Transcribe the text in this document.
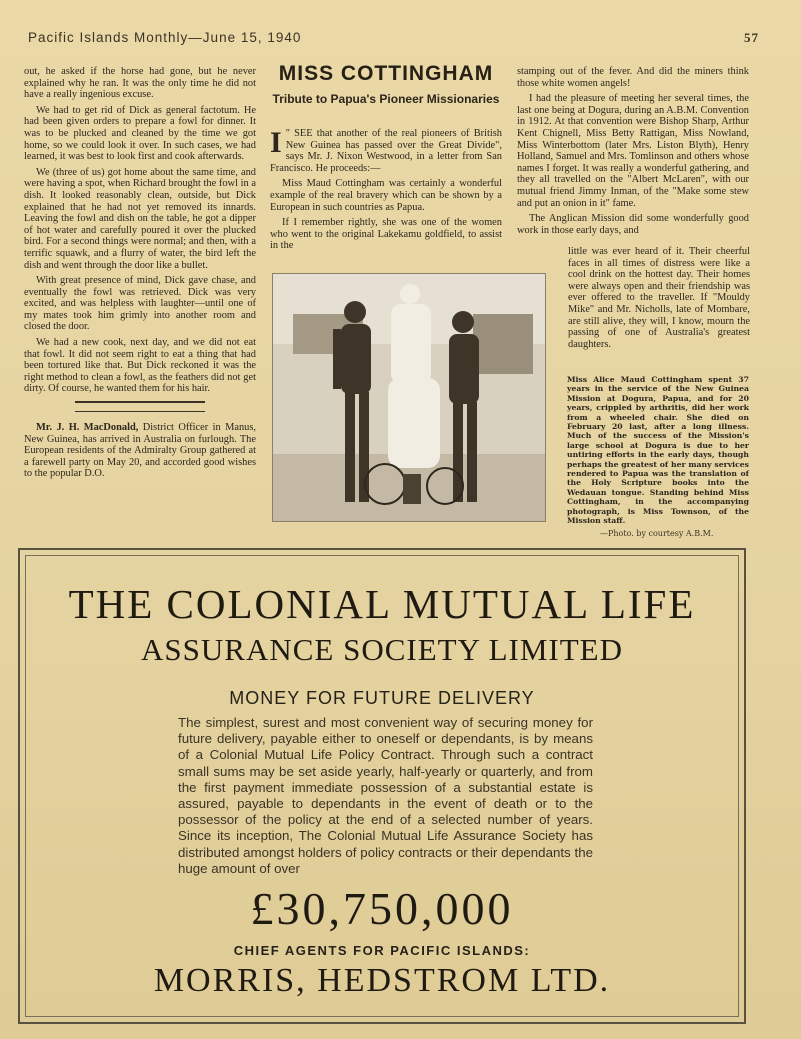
Pacific Islands Monthly—June 15, 1940	57

out, he asked if the horse had gone, but he never explained why he ran. It was the only time he did not have a really ingenious excuse.

We had to get rid of Dick as general factotum. He had been given orders to prepare a fowl for dinner. It was to be plucked and cleaned by the time we got home, so we could look it over. In such cases, we had learned, it was best to look first and cook afterwards.

We (three of us) got home about the same time, and were having a spot, when Richard brought the fowl in a dish. It looked reasonably clean, outside, but Dick explained that he had not yet removed its innards. Leaving the fowl and dish on the table, he got a dipper of hot water and carefully poured it over the plucked bird. For a second things were normal; and then, with a terrific squawk, and a flurry of water, the bird left the dish and went through the door like a bullet.

With great presence of mind, Dick gave chase, and eventually the fowl was retrieved. Dick was very excited, and was helpless with laughter—until one of my mates took him grimly into another room and closed the door.

We had a new cook, next day, and we did not eat that fowl. It did not seem right to eat a thing that had been tortured like that. But Dick reckoned it was the right method to clean a fowl, as the feathers did not get dirty. Of course, he wanted them for his hair.

Mr. J. H. MacDonald, District Officer in Manus, New Guinea, has arrived in Australia on furlough. The European residents of the Admiralty Group gathered at a farewell party on May 20, and accorded good wishes to the popular D.O.

MISS COTTINGHAM
Tribute to Papua's Pioneer Missionaries

"
I SEE that another of the real pioneers of British New Guinea has passed over the Great Divide", says Mr. J. Nixon Westwood, in a letter from San Francisco. He proceeds:—

Miss Maud Cottingham was certainly a wonderful example of the real bravery which can be shown by a European in such countries as Papua.

If I remember rightly, she was one of the women who went to the original Lakekamu goldfield, to assist in the

stamping out of the fever. And did the miners think those white women angels!

I had the pleasure of meeting her several times, the last one being at Dogura, during an A.B.M. Convention in 1912. At that convention were Bishop Sharp, Arthur Kent Chignell, Miss Betty Rattigan, Miss Nowland, Miss Winterbottom (later Mrs. Liston Blyth), Henry Holland, Samuel and Mrs. Tomlinson and others whose names I forget. It was really a wonderful gathering, and they all travelled on the "Albert McLaren", with our mutual friend Jimmy Inman, of the "Make some stew and put an onion in it" fame.

The Anglican Mission did some wonderfully good work in those early days, and

little was ever heard of it. Their cheerful faces in all times of distress were like a cool drink on the hottest day. Their homes were always open and their friendship was ever offered to the traveller. If "Mouldy Mike" and Mr. Nicholls, late of Mombare, are still alive, they will, I know, mourn the passing of one of Australia's greatest daughters.

Miss Alice Maud Cottingham spent 37 years in the service of the New Guinea Mission at Dogura, Papua, and for 20 years, crippled by arthritis, did her work from a wheeled chair. She died on February 20 last, after a long illness. Much of the success of the Mission's large school at Dogura is due to her untiring efforts in the early days, though perhaps the greatest of her many services rendered to Papua was the translation of the Holy Scripture books into the Wedauan tongue. Standing behind Miss Cottingham, in the accompanying photograph, is Miss Townson, of the Mission staff.
—Photo. by courtesy A.B.M.
THE COLONIAL MUTUAL LIFE
ASSURANCE SOCIETY LIMITED
MONEY FOR FUTURE DELIVERY
The simplest, surest and most convenient way of securing money for future delivery, payable either to oneself or dependants, is by means of a Colonial Mutual Life Policy Contract. Through such a contract small sums may be set aside yearly, half-yearly or quarterly, and from the first payment immediate possession of a substantial estate is assured, payable to dependants in the event of death or to the possessor of the policy at the end of a selected number of years. Since its inception, The Colonial Mutual Life Assurance Society has distributed amongst holders of policy contracts or their dependants the huge amount of over
£30,750,000
CHIEF AGENTS FOR PACIFIC ISLANDS:
MORRIS, HEDSTROM LTD.
